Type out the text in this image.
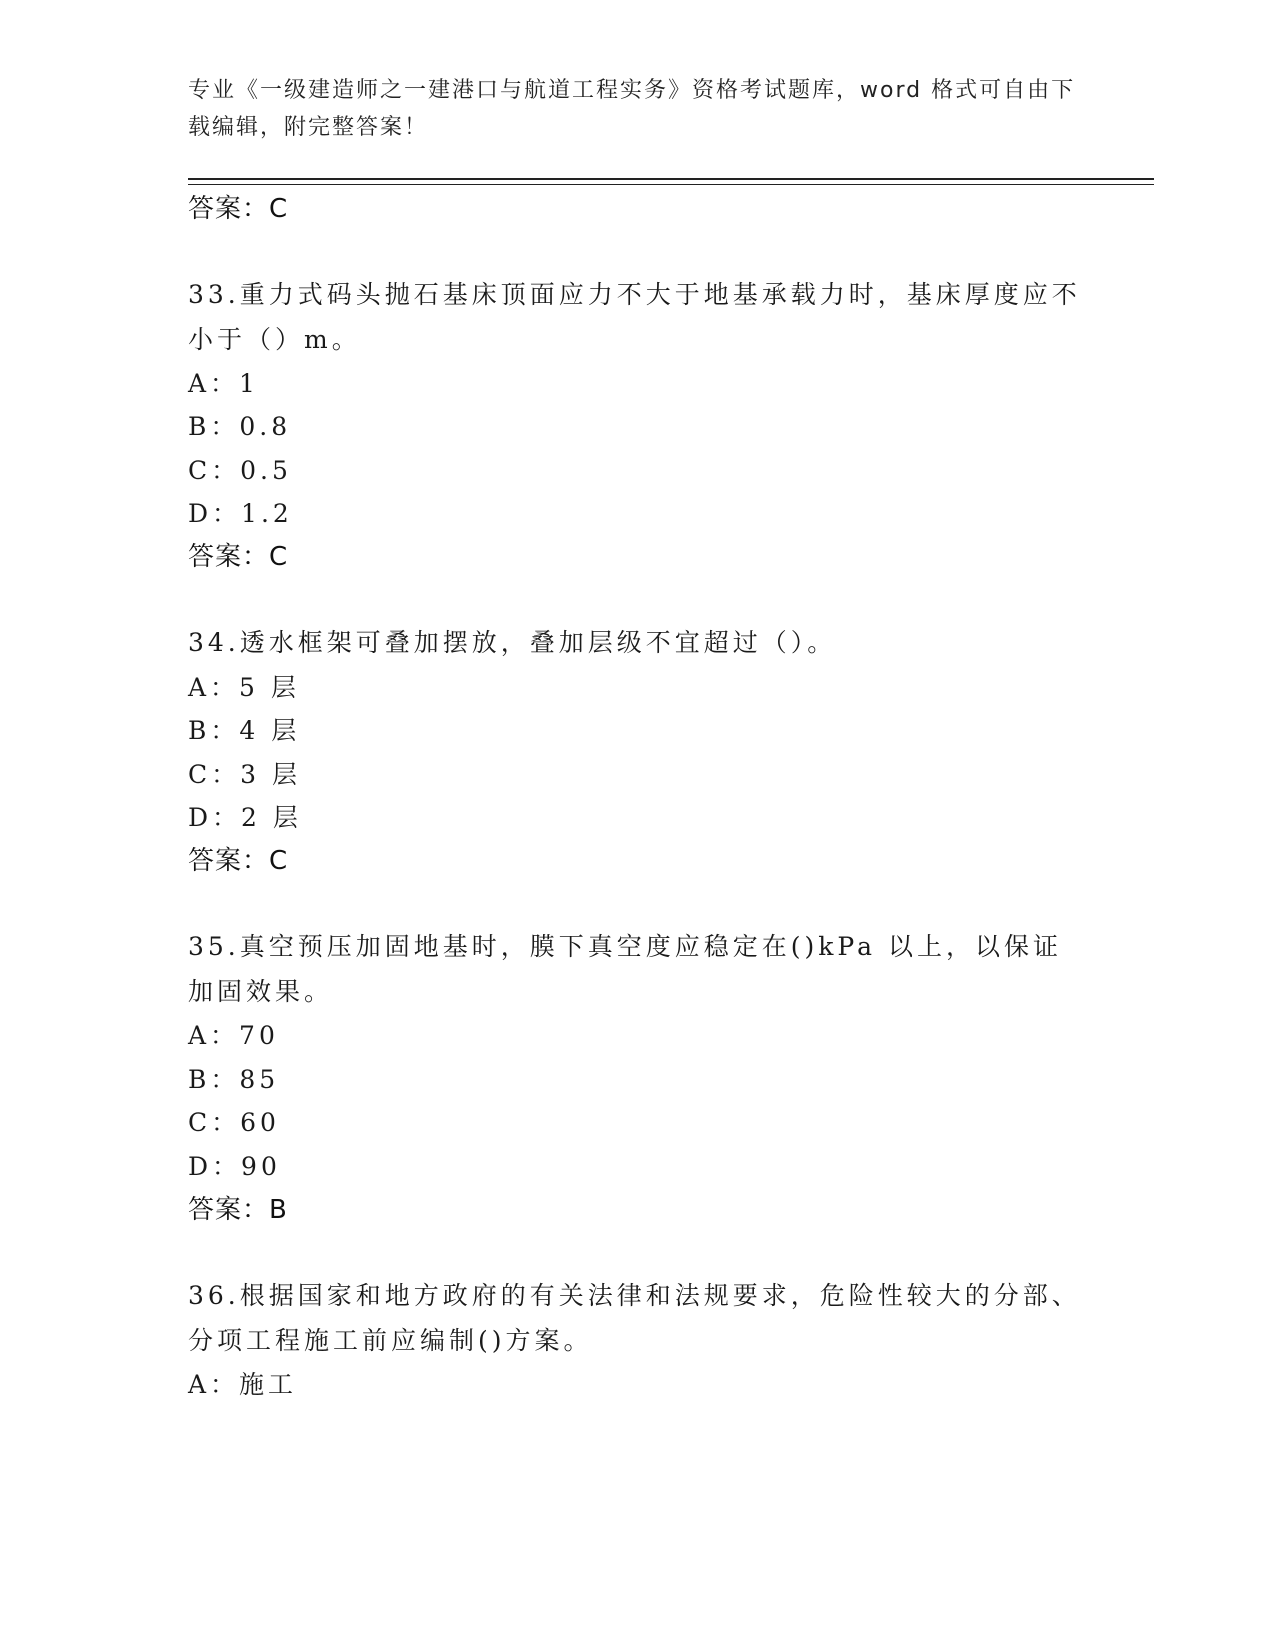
专业《一级建造师之一建港口与航道工程实务》资格考试题库，word 格式可自由下载编辑，附完整答案！
答案：C
33.重力式码头抛石基床顶面应力不大于地基承载力时，基床厚度应不小于（）m。
A：1
B：0.8
C：0.5
D：1.2
答案：C
34.透水框架可叠加摆放，叠加层级不宜超过（）。
A：5 层
B：4 层
C：3 层
D：2 层
答案：C
35.真空预压加固地基时，膜下真空度应稳定在()kPa 以上，以保证加固效果。
A：70
B：85
C：60
D：90
答案：B
36.根据国家和地方政府的有关法律和法规要求，危险性较大的分部、分项工程施工前应编制()方案。
A：施工
